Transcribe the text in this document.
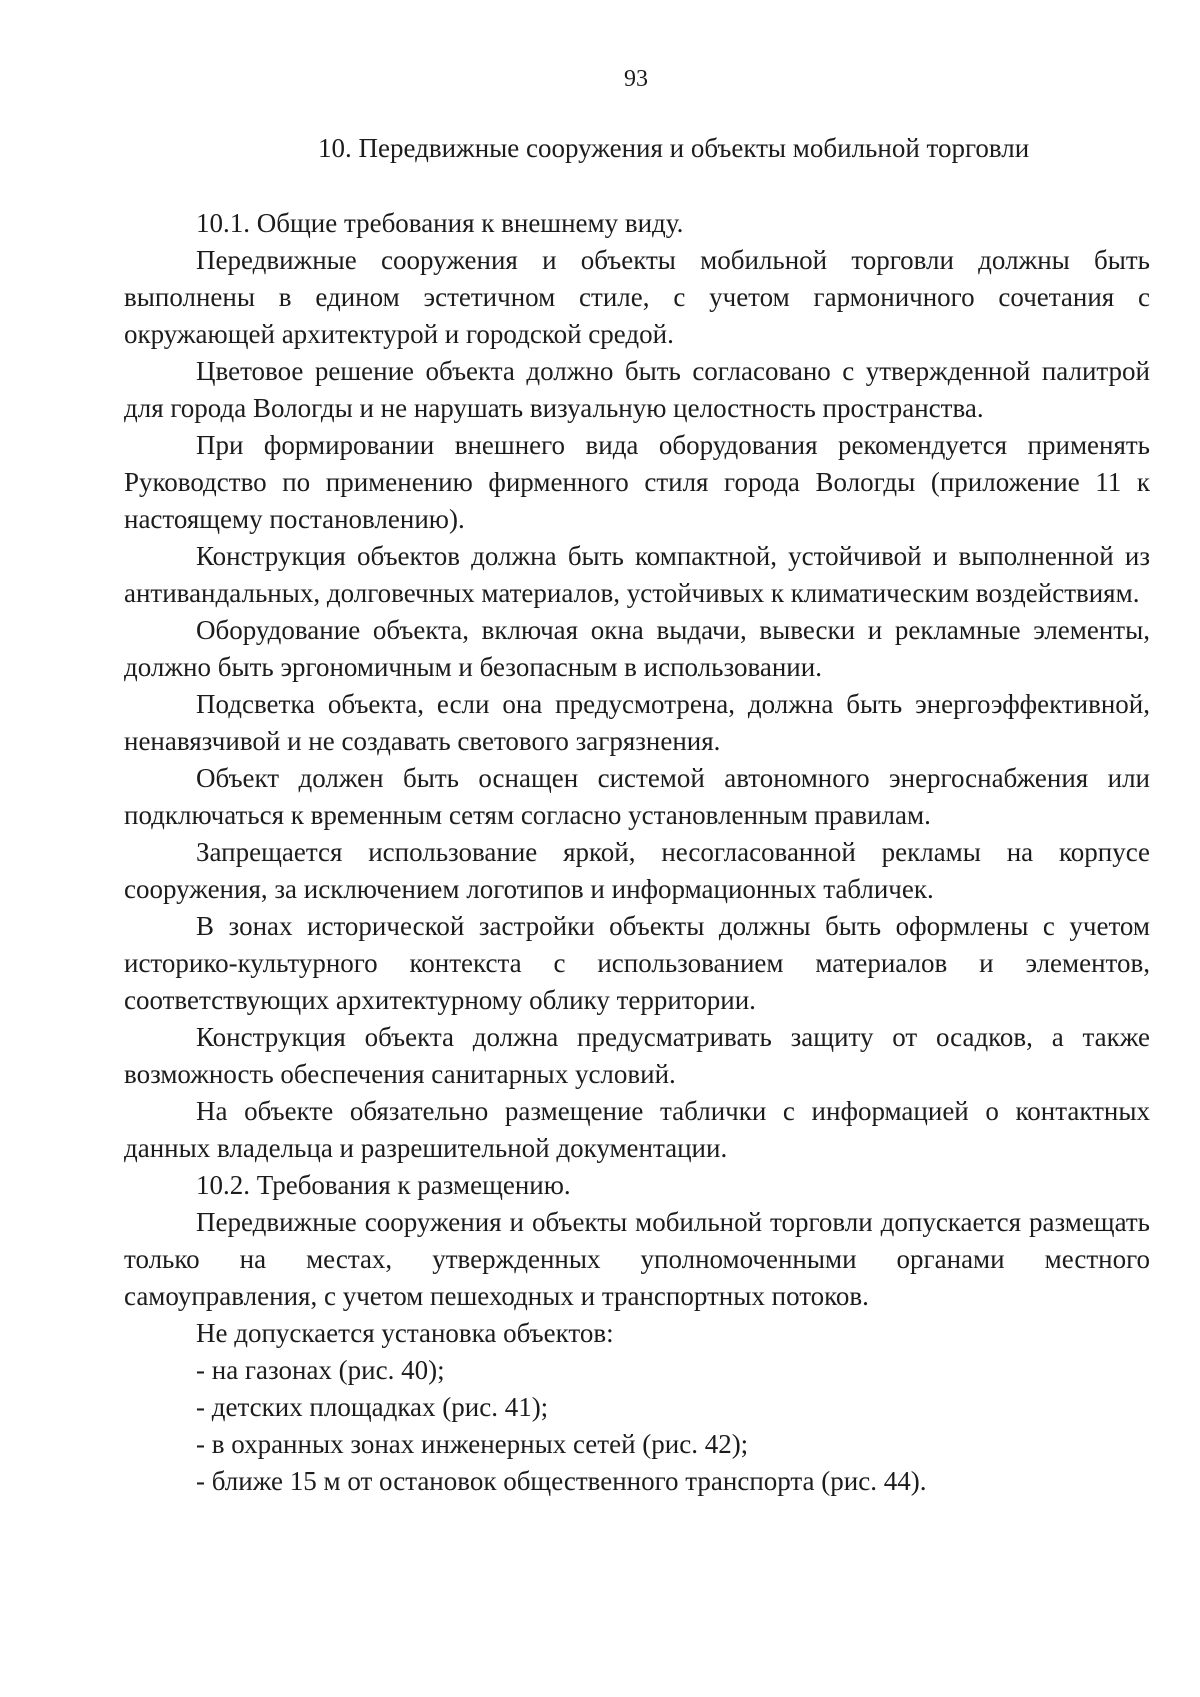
93
10. Передвижные сооружения и объекты мобильной торговли

10.1. Общие требования к внешнему виду.

Передвижные сооружения и объекты мобильной торговли должны быть выполнены в едином эстетичном стиле, с учетом гармоничного сочетания с окружающей архитектурой и городской средой.

Цветовое решение объекта должно быть согласовано с утвержденной палитрой для города Вологды и не нарушать визуальную целостность пространства.

При формировании внешнего вида оборудования рекомендуется применять Руководство по применению фирменного стиля города Вологды (приложение 11 к настоящему постановлению).

Конструкция объектов должна быть компактной, устойчивой и выполненной из антивандальных, долговечных материалов, устойчивых к климатическим воздействиям.

Оборудование объекта, включая окна выдачи, вывески и рекламные элементы, должно быть эргономичным и безопасным в использовании.

Подсветка объекта, если она предусмотрена, должна быть энергоэффективной, ненавязчивой и не создавать светового загрязнения.

Объект должен быть оснащен системой автономного энергоснабжения или подключаться к временным сетям согласно установленным правилам.

Запрещается использование яркой, несогласованной рекламы на корпусе сооружения, за исключением логотипов и информационных табличек.

В зонах исторической застройки объекты должны быть оформлены с учетом историко-культурного контекста с использованием материалов и элементов, соответствующих архитектурному облику территории.

Конструкция объекта должна предусматривать защиту от осадков, а также возможность обеспечения санитарных условий.

На объекте обязательно размещение таблички с информацией о контактных данных владельца и разрешительной документации.

10.2. Требования к размещению.

Передвижные сооружения и объекты мобильной торговли допускается размещать только на местах, утвержденных уполномоченными органами местного самоуправления, с учетом пешеходных и транспортных потоков.

Не допускается установка объектов:

- на газонах (рис. 40);

- детских площадках (рис. 41);

- в охранных зонах инженерных сетей (рис. 42);

- ближе 15 м от остановок общественного транспорта (рис. 44).
